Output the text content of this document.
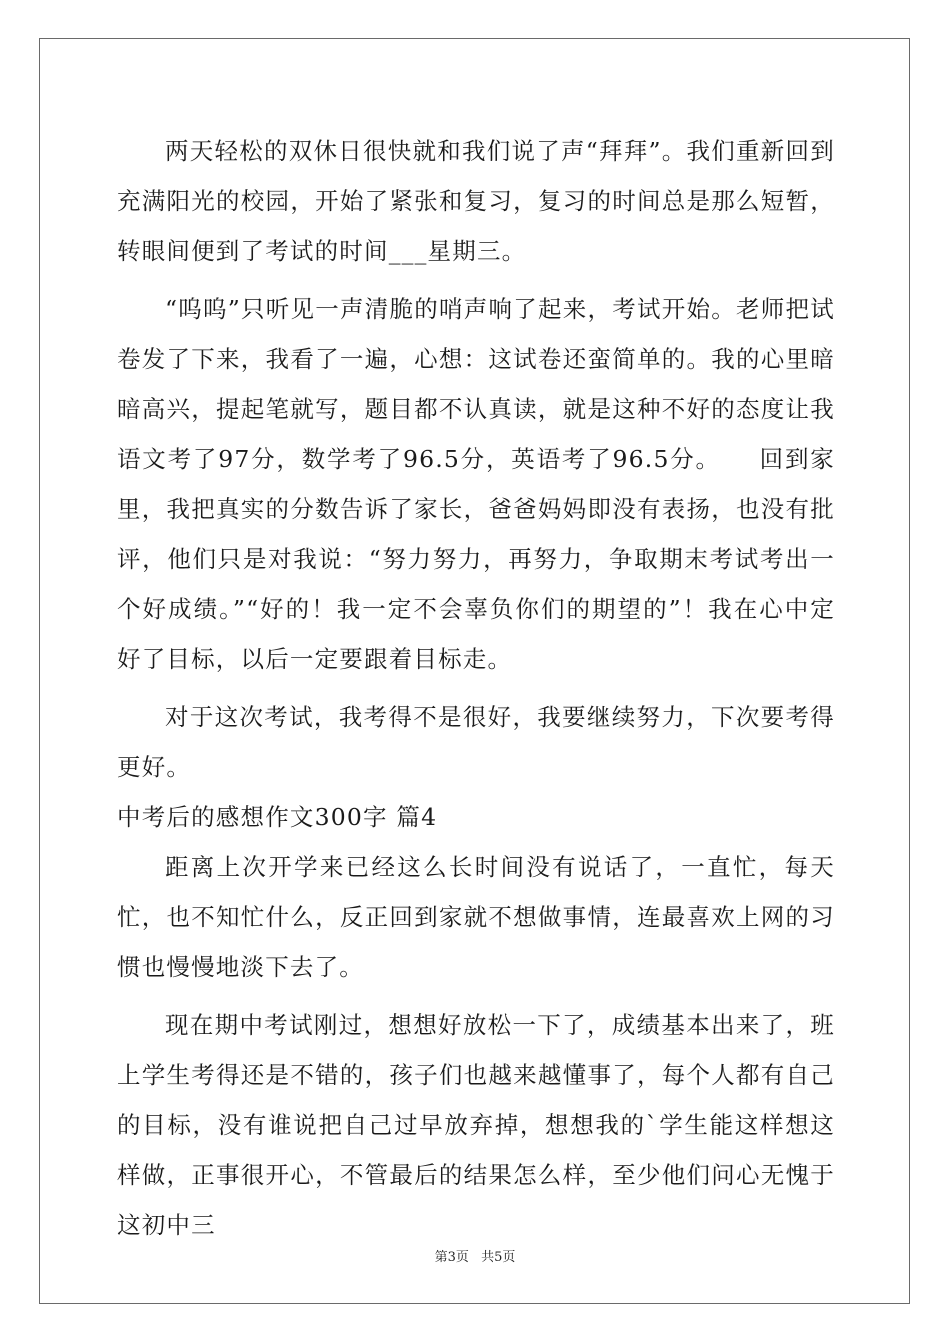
两天轻松的双休日很快就和我们说了声“拜拜”。我们重新回到充满阳光的校园，开始了紧张和复习，复习的时间总是那么短暂，转眼间便到了考试的时间___星期三。

“呜呜”只听见一声清脆的哨声响了起来，考试开始。老师把试卷发了下来，我看了一遍，心想：这试卷还蛮简单的。我的心里暗暗高兴，提起笔就写，题目都不认真读，就是这种不好的态度让我语文考了97分，数学考了96.5分，英语考了96.5分。　　回到家里，我把真实的分数告诉了家长，爸爸妈妈即没有表扬，也没有批评，他们只是对我说：“努力努力，再努力，争取期末考试考出一个好成绩。”“好的！我一定不会辜负你们的期望的”！我在心中定好了目标，以后一定要跟着目标走。

对于这次考试，我考得不是很好，我要继续努力，下次要考得更好。

中考后的感想作文300字 篇4

距离上次开学来已经这么长时间没有说话了，一直忙，每天忙，也不知忙什么，反正回到家就不想做事情，连最喜欢上网的习惯也慢慢地淡下去了。

现在期中考试刚过，想想好放松一下了，成绩基本出来了，班上学生考得还是不错的，孩子们也越来越懂事了，每个人都有自己的目标，没有谁说把自己过早放弃掉，想想我的`学生能这样想这样做，正事很开心，不管最后的结果怎么样，至少他们问心无愧于这初中三

第3页 共5页
